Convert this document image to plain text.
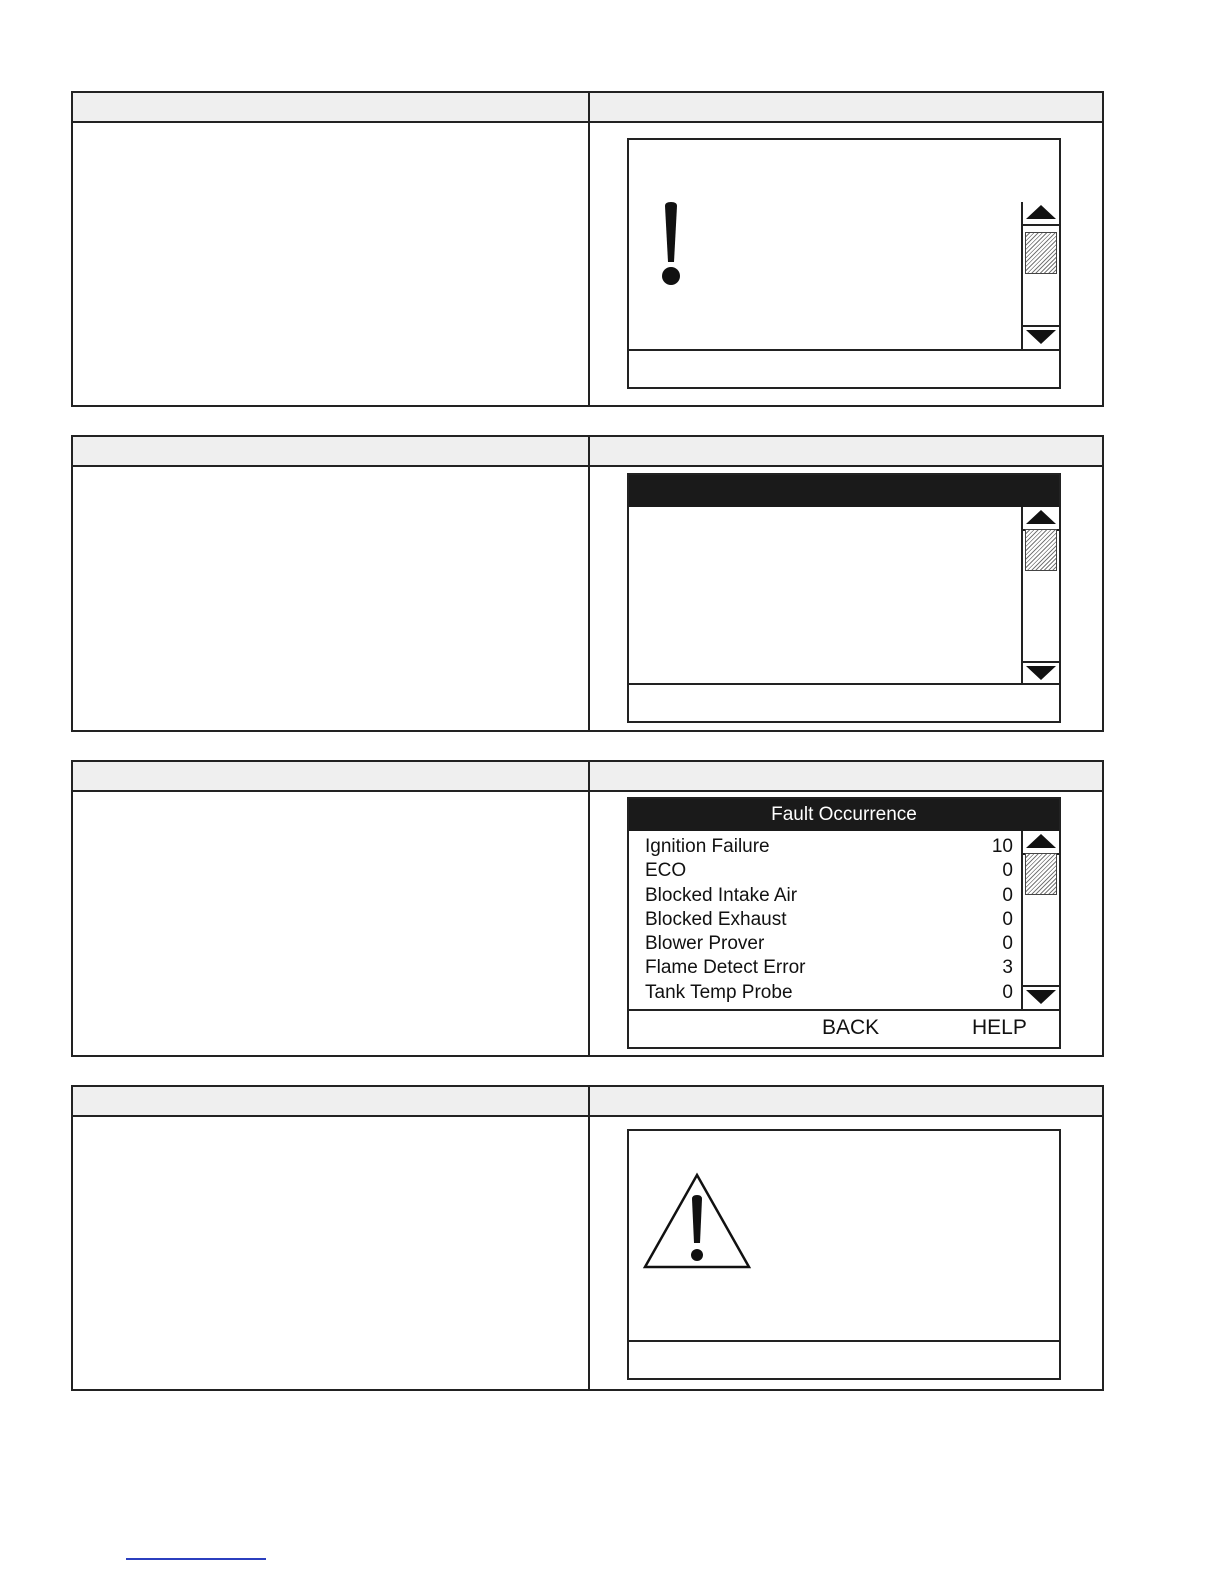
Fault Occurrence
Ignition Failure	10
ECO	0
Blocked Intake Air	0
Blocked Exhaust	0
Blower Prover	0
Flame Detect Error	3
Tank Temp Probe	0
BACK	HELP
